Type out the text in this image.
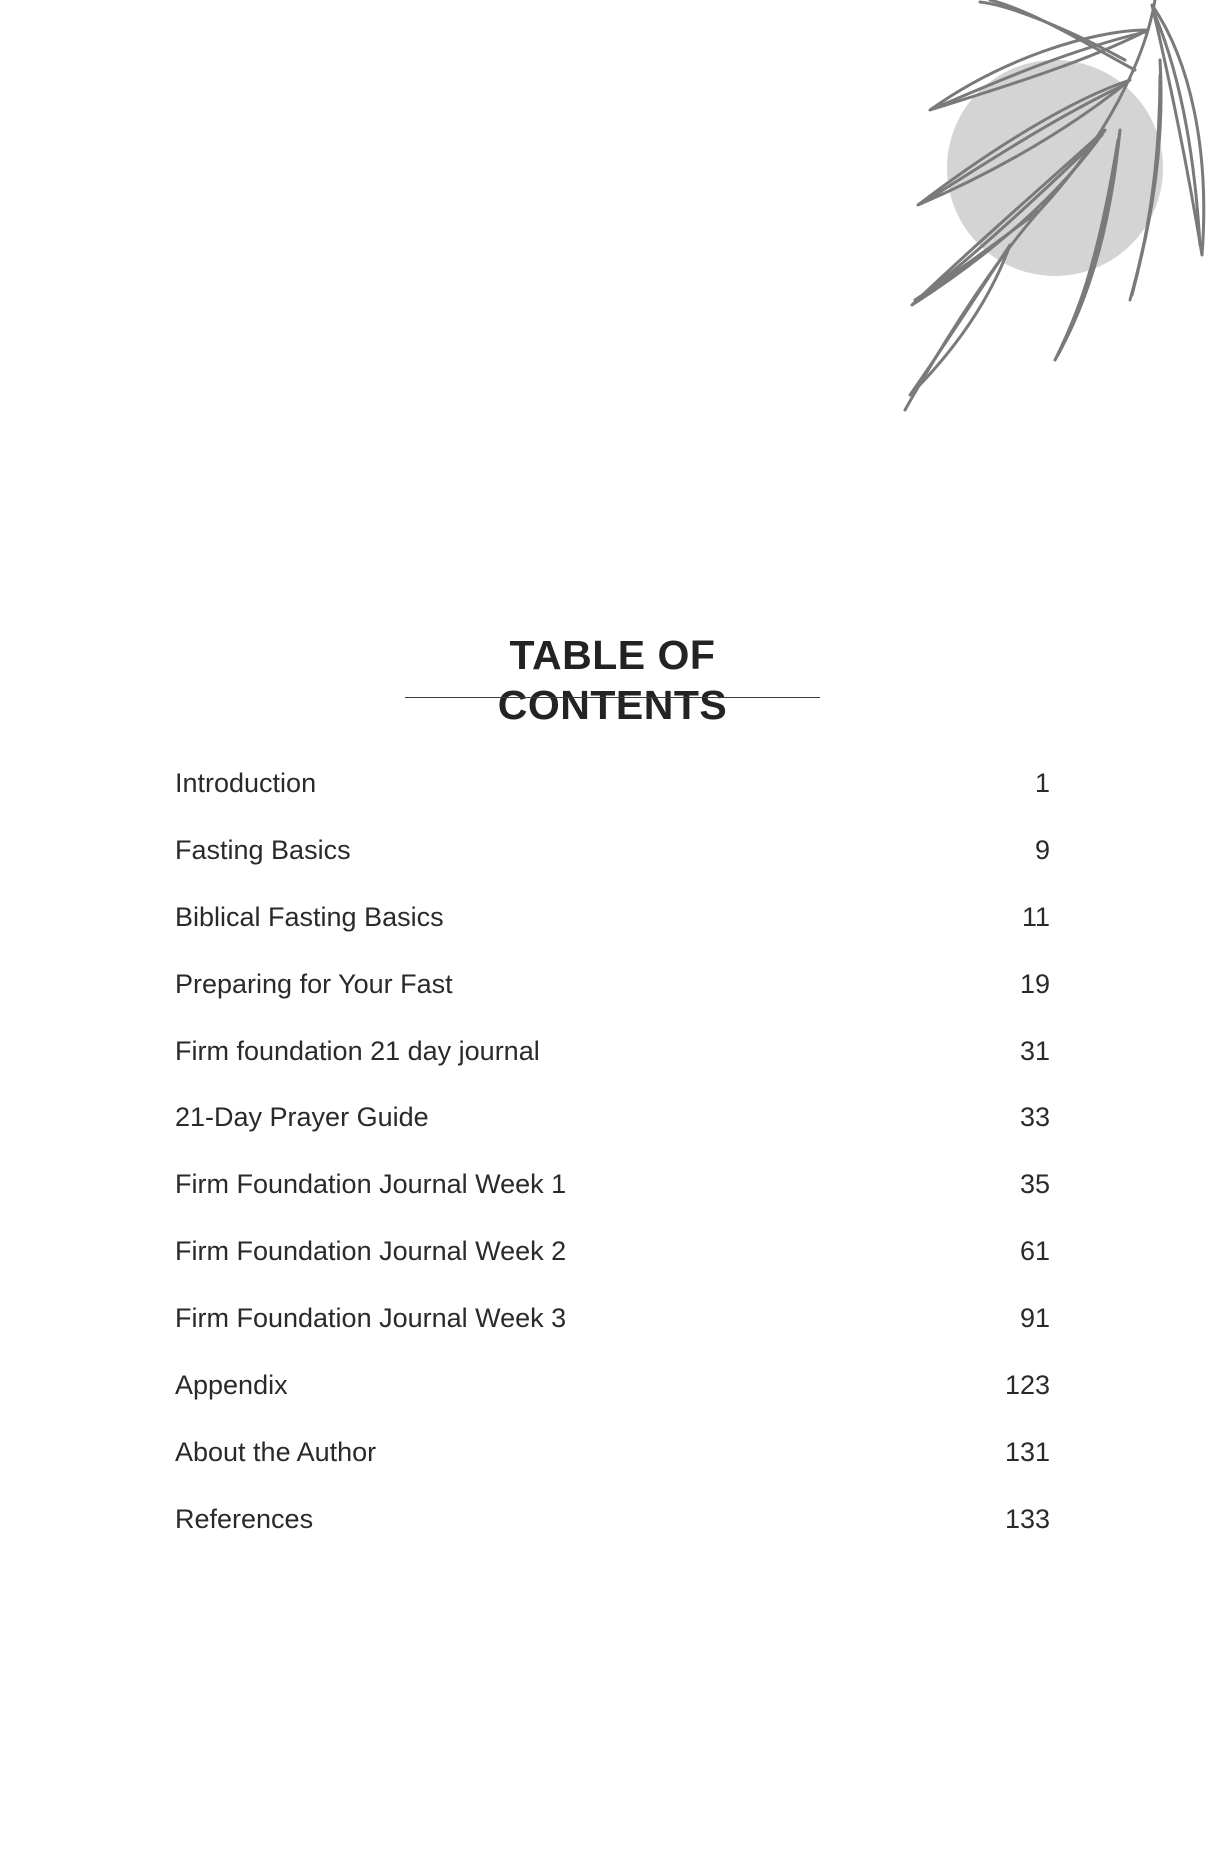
TABLE OF CONTENTS
Introduction	1
Fasting Basics	9
Biblical Fasting Basics	11
Preparing for Your Fast	19
Firm foundation 21 day journal	31
21-Day Prayer Guide	33
Firm Foundation Journal Week 1	35
Firm Foundation Journal Week 2	61
Firm Foundation Journal Week 3	91
Appendix	123
About the Author	131
References	133
